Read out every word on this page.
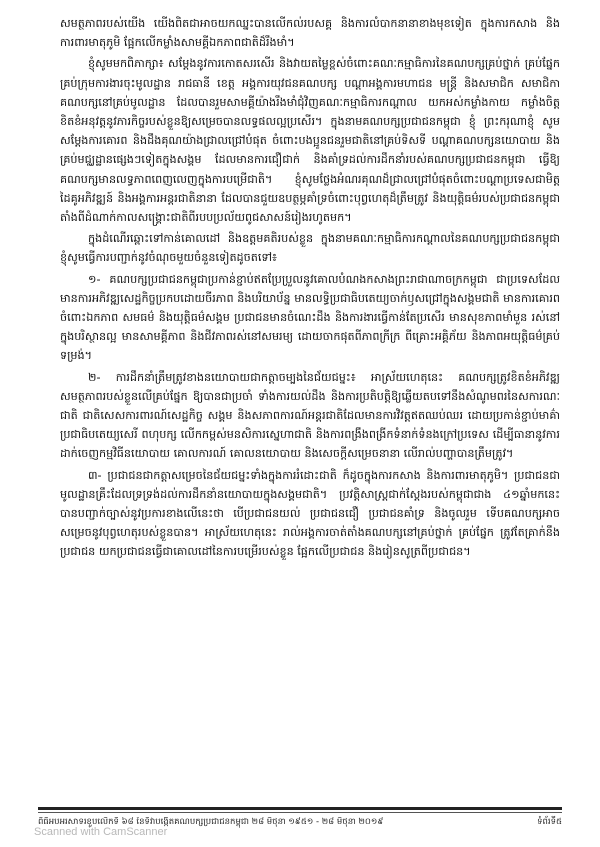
សមត្ថភាពរបស់យើង យើងពិតជាអាចយកឈ្នះបានលើកល់របសគ្គ និងការលំបាកនានាខាងមុខទៀត ក្នុងការកសាង និងការពារមាតុភូមិ ផ្អែកលើកម្លាំងសាមគ្គីឯកភាពជាតិដ៏រឹងមាំ។

ខ្ញុំសូមមកពិភាក្សា៖ សម្ដែងនូវការកោតសរសើរ និងវាយតម្លៃខ្ពស់ចំពោះគណៈកម្មាធិការនៃគណបក្សគ្រប់ថ្នាក់ គ្រប់ផ្នែក គ្រប់ក្រុមការងារចុះមូលដ្ឋាន រាជធានី ខេត្ត អង្គការយុវជនគណបក្ស បណ្ដាអង្គការមហាជន មន្ត្រី និងសមាជិក សមាជិកាគណបក្សនៅគ្រប់មូលដ្ឋាន ដែលបានរួមសាមគ្គីយ៉ាងរឹងមាំជុំវិញគណៈកម្មាធិការកណ្ដាល យកអស់កម្លាំងកាយ កម្លាំងចិត្ត ខិតខំអនុវត្តនូវភារកិច្ចរបស់ខ្លួនឱ្យសម្រេចបានលទ្ធផលល្អប្រសើរ។ ក្នុងនាមគណបក្សប្រជាជនកម្ពុជា ខ្ញុំ ព្រះករុណាខ្ញុំ សូមសម្ដែងការគោរព និងដឹងគុណយ៉ាងជ្រាលជ្រៅបំផុត ចំពោះបងប្អូនជនរួមជាតិនៅគ្រប់ទិសទី បណ្ដាគណបក្សនយោបាយ និងគ្រប់មជ្ឈដ្ឋានផ្សេងៗទៀតក្នុងសង្គម ដែលមានការជឿជាក់ និងគាំទ្រដល់ការដឹកនាំរបស់គណបក្សប្រជាជនកម្ពុជា ធ្វើឱ្យគណបក្សមានលទ្ធភាពពេញលេញក្នុងការបម្រើជាតិ។ ខ្ញុំសូមថ្លែងអំណរគុណដ៏ជ្រាលជ្រៅបំផុតចំពោះបណ្ដាប្រទេសជាមិត្ត ដៃគូអភិវឌ្ឍន៍ និងអង្គការអន្តរជាតិនានា ដែលបានជួយឧបត្ថម្ភគាំទ្រចំពោះបុព្វហេតុដ៏ត្រឹមត្រូវ និងយុត្តិធម៌របស់ប្រជាជនកម្ពុជា តាំងពីដំណាក់កាលសង្គ្រោះជាតិពីរបបប្រល័យពូជសាសន៍រៀងរហូតមក។

ក្នុងដំណើរឆ្ពោះទៅកាន់គោលដៅ និងឧត្តមគតិរបស់ខ្លួន ក្នុងនាមគណៈកម្មាធិការកណ្ដាលនៃគណបក្សប្រជាជនកម្ពុជា ខ្ញុំសូមធ្វើការបញ្ជាក់នូវចំណុចមួយចំនួនទៀតដូចតទៅ៖

១- គណបក្សប្រជាជនកម្ពុជាប្រកាន់ខ្ជាប់ឥតប្រែប្រួលនូវគោលបំណងកសាងព្រះរាជាណាចក្រកម្ពុជា ជាប្រទេសដែលមានការអភិវឌ្ឍសេដ្ឋកិច្ចប្រកបដោយចីរភាព និងបរិយាប័ន្ន មានលទ្ធិប្រជាធិបតេយ្យចាក់ឫសជ្រៅក្នុងសង្គមជាតិ មានការគោរពចំពោះឯកភាព សមធម៌ និងយុត្តិធម៌សង្គម ប្រជាជនមានចំណេះដឹង និងការងារធ្វើកាន់តែប្រសើរ មានសុខភាពមាំមួន រស់នៅក្នុងបរិស្ថានល្អ មានសាមគ្គីភាព និងជីវភាពរស់នៅសមរម្យ ដោយចាកផុតពីភាពក្រីក្រ ពីគ្រោះអគ្គិភ័យ និងភាពអយុត្តិធម៌គ្រប់ទម្រង់។

២- ការដឹកនាំត្រឹមត្រូវខាងនយោបាយជាកត្តាចម្បងនៃជ័យជម្នះ៖ អាស្រ័យហេតុនេះ គណបក្សត្រូវខិតខំអភិវឌ្ឍសមត្ថភាពរបស់ខ្លួនលើគ្រប់ផ្នែក ឱ្យបានជាប្រចាំ ទាំងការយល់ដឹង និងការប្រតិបត្តិឱ្យឆ្លើយតបទៅនឹងសំណូមពរនៃសការណៈជាតិ ជាតិសេសការពារណ៍សេដ្ឋកិច្ច សង្គម និងសភាពការណ៍អន្តរជាតិដែលមានការវិវត្តឥតឈប់ឈរ ដោយប្រកាន់ខ្ជាប់មាគ៌ាប្រជាធិបតេយ្យសេរី ពហុបក្ស លើកកម្ពស់មនសិការស្នេហាជាតិ និងការពង្រឹងពង្រីកទំនាក់ទំនងក្រៅប្រទេស ដើម្បីធានានូវការដាក់ចេញកម្មវិធីនយោបាយ គោលការណ៍ គោលនយោបាយ និងសេចក្ដីសម្រេចនានា លើរាល់បញ្ហាបានត្រឹមត្រូវ។

៣- ប្រជាជនជាកត្តាសម្រេចនៃជ័យជម្នះទាំងក្នុងការរំដោះជាតិ ក៏ដូចក្នុងការកសាង និងការពារមាតុភូមិ។ ប្រជាជនជាមូលដ្ឋានគ្រឹះដែលទ្រទ្រង់ដល់ការដឹកនាំនយោបាយក្នុងសង្គមជាតិ។ ប្រវត្តិសាស្ត្រជាក់ស្ដែងរបស់កម្ពុជាជាង ៤១ឆ្នាំមកនេះ បានបញ្ជាក់ច្បាស់នូវប្រការខាងលើនេះថា បើប្រជាជនយល់ ប្រជាជនជឿ ប្រជាជនគាំទ្រ និងចូលរួម ទើបគណបក្សអាចសម្រេចនូវបុព្វហេតុរបស់ខ្លួនបាន។ អាស្រ័យហេតុនេះ រាល់អង្គការចាត់តាំងគណបក្សនៅគ្រប់ថ្នាក់ គ្រប់ផ្នែក ត្រូវតែគ្រាក់នឹងប្រជាជន យកប្រជាជនធ្វើជាគោលដៅនៃការបម្រើរបស់ខ្លួន ផ្អែកលើប្រជាជន និងរៀនសូត្រពីប្រជាជន។

ពិធីអបអរសាទរខួបលើកទី ៦៨ នៃទិវាបង្កើតគណបក្សប្រជាជនកម្ពុជា ២៨ មិថុនា ១៩៥១ - ២៨ មិថុនា ២០១៩	ទំព័រទី៥
Scanned with CamScanner
